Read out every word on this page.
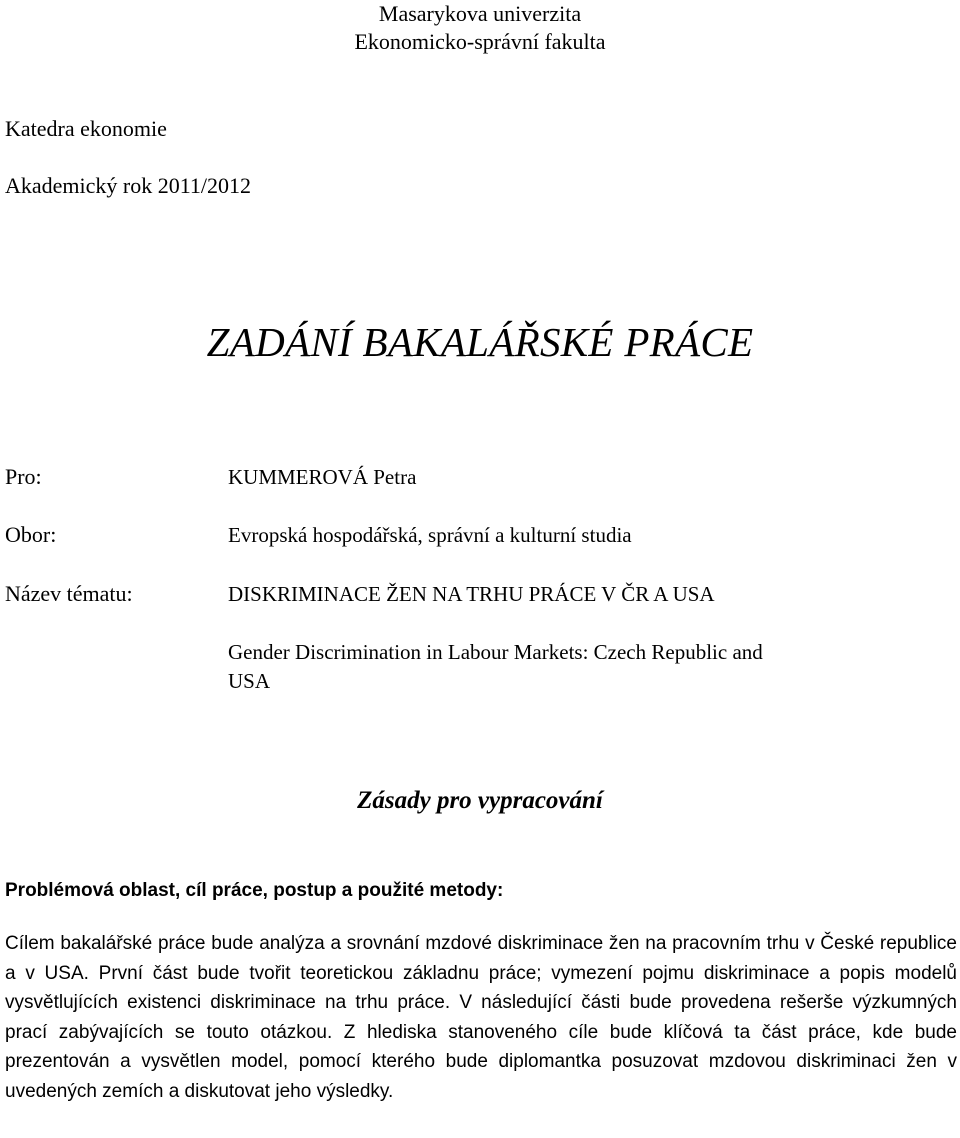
Masarykova univerzita
Ekonomicko-správní fakulta
Katedra ekonomie
Akademický rok 2011/2012
ZADÁNÍ BAKALÁŘSKÉ PRÁCE
Pro:	KUMMEROVÁ Petra
Obor:	Evropská hospodářská, správní a kulturní studia
Název tématu:	DISKRIMINACE ŽEN NA TRHU PRÁCE V ČR A USA
Gender Discrimination in Labour Markets: Czech Republic and
USA
Zásady pro vypracování
Problémová oblast, cíl práce, postup a použité metody:

Cílem bakalářské práce bude analýza a srovnání mzdové diskriminace žen na pracovním trhu v České republice a v USA. První část bude tvořit teoretickou základnu práce; vymezení pojmu diskriminace a popis modelů vysvětlujících existenci diskriminace na trhu práce. V následující části bude provedena rešerše výzkumných prací zabývajících se touto otázkou. Z hlediska stanoveného cíle bude klíčová ta část práce, kde bude prezentován a vysvětlen model, pomocí kterého bude diplomantka posuzovat mzdovou diskriminaci žen v uvedených zemích a diskutovat jeho výsledky.
